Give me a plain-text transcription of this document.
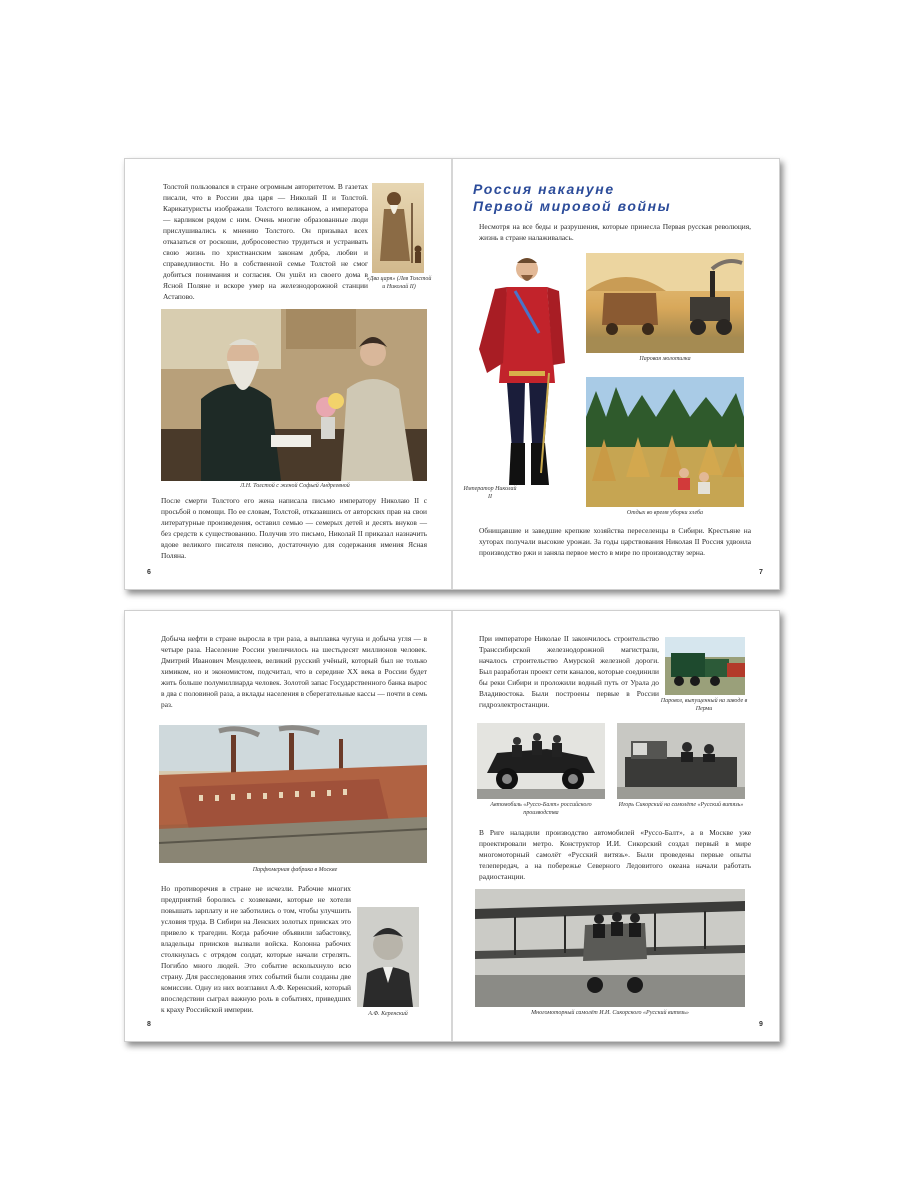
Толстой пользовался в стране огромным авторитетом. В газетах писали, что в России два царя — Николай II и Толстой. Карикатуристы изображали Толстого великаном, а императора — карликом рядом с ним. Очень многие образованные люди прислушивались к мнению Толстого. Он призывал всех отказаться от роскоши, добросовестно трудиться и устраивать свою жизнь по христианским законам добра, любви и справедливости. Но в собственной семье Толстой не смог добиться понимания и согласия. Он ушёл из своего дома в Ясной Поляне и вскоре умер на железнодорожной станции Астапово.
«Два царя» (Лев Толстой и Николай II)
Л.Н. Толстой с женой Софьей Андреевной
После смерти Толстого его жена написала письмо императору Николаю II с просьбой о помощи. По ее словам, Толстой, отказавшись от авторских прав на свои литературные произведения, оставил семью — семерых детей и десять внуков — без средств к существованию. Получив это письмо, Николай II приказал назначить вдове великого писателя пенсию, достаточную для содержания имения Ясная Поляна.
6
Россия накануне
Первой мировой войны
Несмотря на все беды и разрушения, которые принесла Первая русская революция, жизнь в стране налаживалась.
Император Николай II
Паровая молотилка
Отдых во время уборки хлеба
Обнищавшие и заведшие крепкие хозяйства переселенцы в Сибири. Крестьяне на хуторах получали высокие урожаи. За годы царствования Николая II Россия удвоила производство ржи и заняла первое место в мире по производству зерна.
7
Добыча нефти в стране выросла в три раза, а выплавка чугуна и добыча угля — в четыре раза. Население России увеличилось на шестьдесят миллионов человек. Дмитрий Иванович Менделеев, великий русский учёный, который был не только химиком, но и экономистом, подсчитал, что в середине XX века в России будет жить больше полумиллиарда человек. Золотой запас Государственного банка вырос в два с половиной раза, а вклады населения в сберегательные кассы — почти в семь раз.
Парфюмерная фабрика в Москве
Но противоречия в стране не исчезли. Рабочие многих предприятий боролись с хозяевами, которые не хотели повышать зарплату и не заботились о том, чтобы улучшить условия труда. В Сибири на Ленских золотых приисках это привело к трагедии. Когда рабочие объявили забастовку, владельцы приисков вызвали войска. Колонна рабочих столкнулась с отрядом солдат, которые начали стрелять. Погибло много людей. Это событие всколыхнуло всю страну. Для расследования этих событий были созданы две комиссии. Одну из них возглавил А.Ф. Керенский, который впоследствии сыграл важную роль в событиях, приведших к краху Российской империи.	А.Ф. Керенский
8
При императоре Николае II закончилось строительство Транссибирской железнодорожной магистрали, началось строительство Амурской железной дороги. Был разработан проект сети каналов, которые соединили бы реки Сибири и проложили водный путь от Урала до Владивостока. Были построены первые в России гидроэлектростанции.	Паровоз, выпущенный на заводе в Перми
Автомобиль «Руссо-Балт» российского производства
Игорь Сикорский на самолёте «Русский витязь»
В Риге наладили производство автомобилей «Руссо-Балт», а в Москве уже проектировали метро. Конструктор И.И. Сикорский создал первый в мире многомоторный самолёт «Русский витязь». Были проведены первые опыты телепередач, а на побережье Северного Ледовитого океана начали работать радиостанции.
Многомоторный самолёт И.И. Сикорского «Русский витязь»
9
